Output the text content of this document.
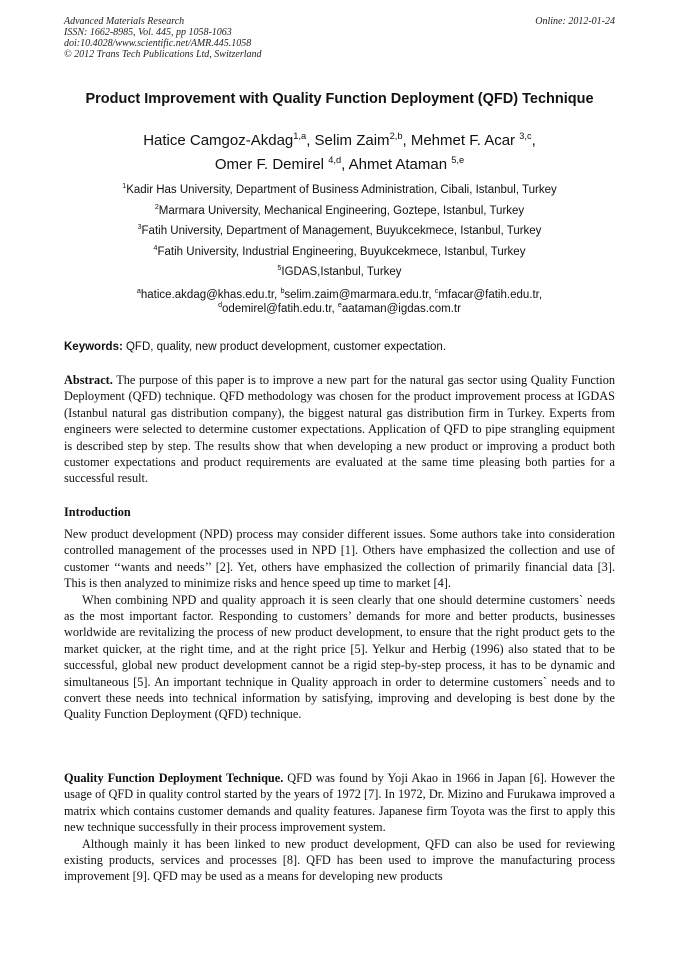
Advanced Materials Research
ISSN: 1662-8985, Vol. 445, pp 1058-1063
doi:10.4028/www.scientific.net/AMR.445.1058
© 2012 Trans Tech Publications Ltd, Switzerland
Online: 2012-01-24
Product Improvement with Quality Function Deployment (QFD) Technique
Hatice Camgoz-Akdag$^{1,a}$, Selim Zaim$^{2,b}$, Mehmet F. Acar $^{3,c}$,
Omer F. Demirel $^{4,d}$, Ahmet Ataman $^{5,e}$
$^1$Kadir Has University, Department of Business Administration, Cibali, Istanbul, Turkey
$^2$Marmara University, Mechanical Engineering, Goztepe, Istanbul, Turkey
$^3$Fatih University, Department of Management, Buyukcekmece, Istanbul, Turkey
$^4$Fatih University, Industrial Engineering, Buyukcekmece, Istanbul, Turkey
$^5$IGDAS,Istanbul, Turkey
$^a$hatice.akdag@khas.edu.tr, $^b$selim.zaim@marmara.edu.tr, $^c$mfacar@fatih.edu.tr,
$^d$odemirel@fatih.edu.tr, $^e$aataman@igdas.com.tr
Keywords: QFD, quality, new product development, customer expectation.

Abstract. The purpose of this paper is to improve a new part for the natural gas sector using Quality Function Deployment (QFD) technique. QFD methodology was chosen for the product improvement process at IGDAS (Istanbul natural gas distribution company), the biggest natural gas distribution firm in Turkey. Experts from engineers were selected to determine customer expectations. Application of QFD to pipe strangling equipment is described step by step. The results show that when developing a new product or improving a product both customer expectations and product requirements are evaluated at the same time pleasing both parties for a successful result.

Introduction

New product development (NPD) process may consider different issues. Some authors take into consideration controlled management of the processes used in NPD [1]. Others have emphasized the collection and use of customer ‘‘wants and needs’’ [2]. Yet, others have emphasized the collection of primarily financial data [3]. This is then analyzed to minimize risks and hence speed up time to market [4].

When combining NPD and quality approach it is seen clearly that one should determine customers` needs as the most important factor. Responding to customers’ demands for more and better products, businesses worldwide are revitalizing the process of new product development, to ensure that the right product gets to the market quicker, at the right time, and at the right price [5]. Yelkur and Herbig (1996) also stated that to be successful, global new product development cannot be a rigid step-by-step process, it has to be dynamic and simultaneous [5]. An important technique in Quality approach in order to determine customers` needs and to convert these needs into technical information by satisfying, improving and developing is best done by the Quality Function Deployment (QFD) technique.

Quality Function Deployment Technique. QFD was found by Yoji Akao in 1966 in Japan [6]. However the usage of QFD in quality control started by the years of 1972 [7]. In 1972, Dr. Mizino and Furukawa improved a matrix which contains customer demands and quality features. Japanese firm Toyota was the first to apply this new technique successfully in their process improvement system.

Although mainly it has been linked to new product development, QFD can also be used for reviewing existing products, services and processes [8]. QFD has been used to improve the manufacturing process improvement [9]. QFD may be used as a means for developing new products
